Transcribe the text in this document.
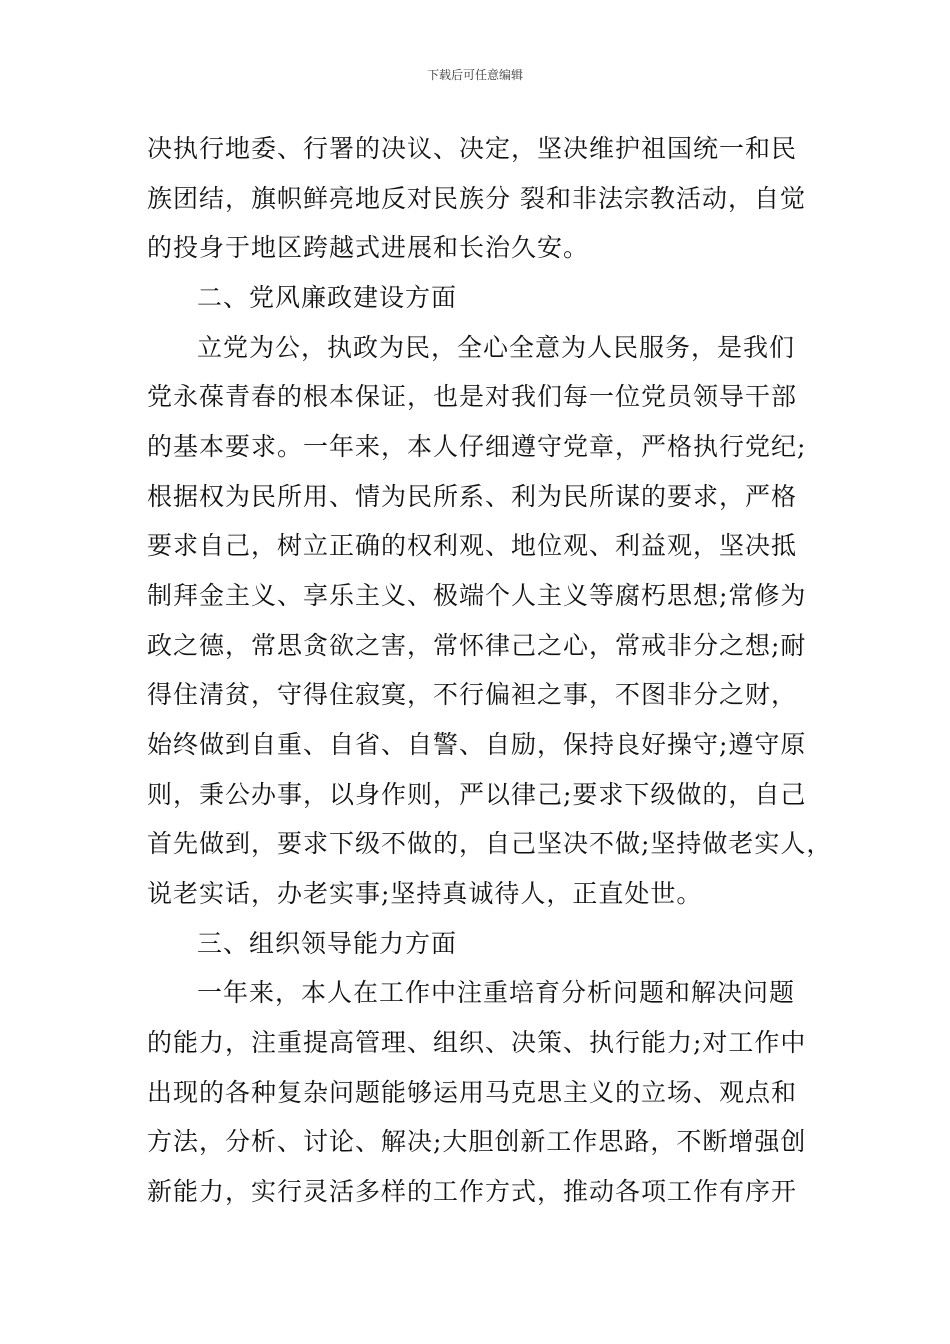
下载后可任意编辑
决执行地委、行署的决议、决定，坚决维护祖国统一和民
族团结，旗帜鲜亮地反对民族分 裂和非法宗教活动，自觉
的投身于地区跨越式进展和长治久安。
二、党风廉政建设方面
立党为公，执政为民，全心全意为人民服务，是我们
党永葆青春的根本保证，也是对我们每一位党员领导干部
的基本要求。一年来，本人仔细遵守党章，严格执行党纪;
根据权为民所用、情为民所系、利为民所谋的要求，严格
要求自己，树立正确的权利观、地位观、利益观，坚决抵
制拜金主义、享乐主义、极端个人主义等腐朽思想;常修为
政之德，常思贪欲之害，常怀律己之心，常戒非分之想;耐
得住清贫，守得住寂寞，不行偏袒之事，不图非分之财，
始终做到自重、自省、自警、自励，保持良好操守;遵守原
则，秉公办事，以身作则，严以律己;要求下级做的，自己
首先做到，要求下级不做的，自己坚决不做;坚持做老实人，
说老实话，办老实事;坚持真诚待人，正直处世。
三、组织领导能力方面
一年来，本人在工作中注重培育分析问题和解决问题
的能力，注重提高管理、组织、决策、执行能力;对工作中
出现的各种复杂问题能够运用马克思主义的立场、观点和
方法，分析、讨论、解决;大胆创新工作思路，不断增强创
新能力，实行灵活多样的工作方式，推动各项工作有序开
